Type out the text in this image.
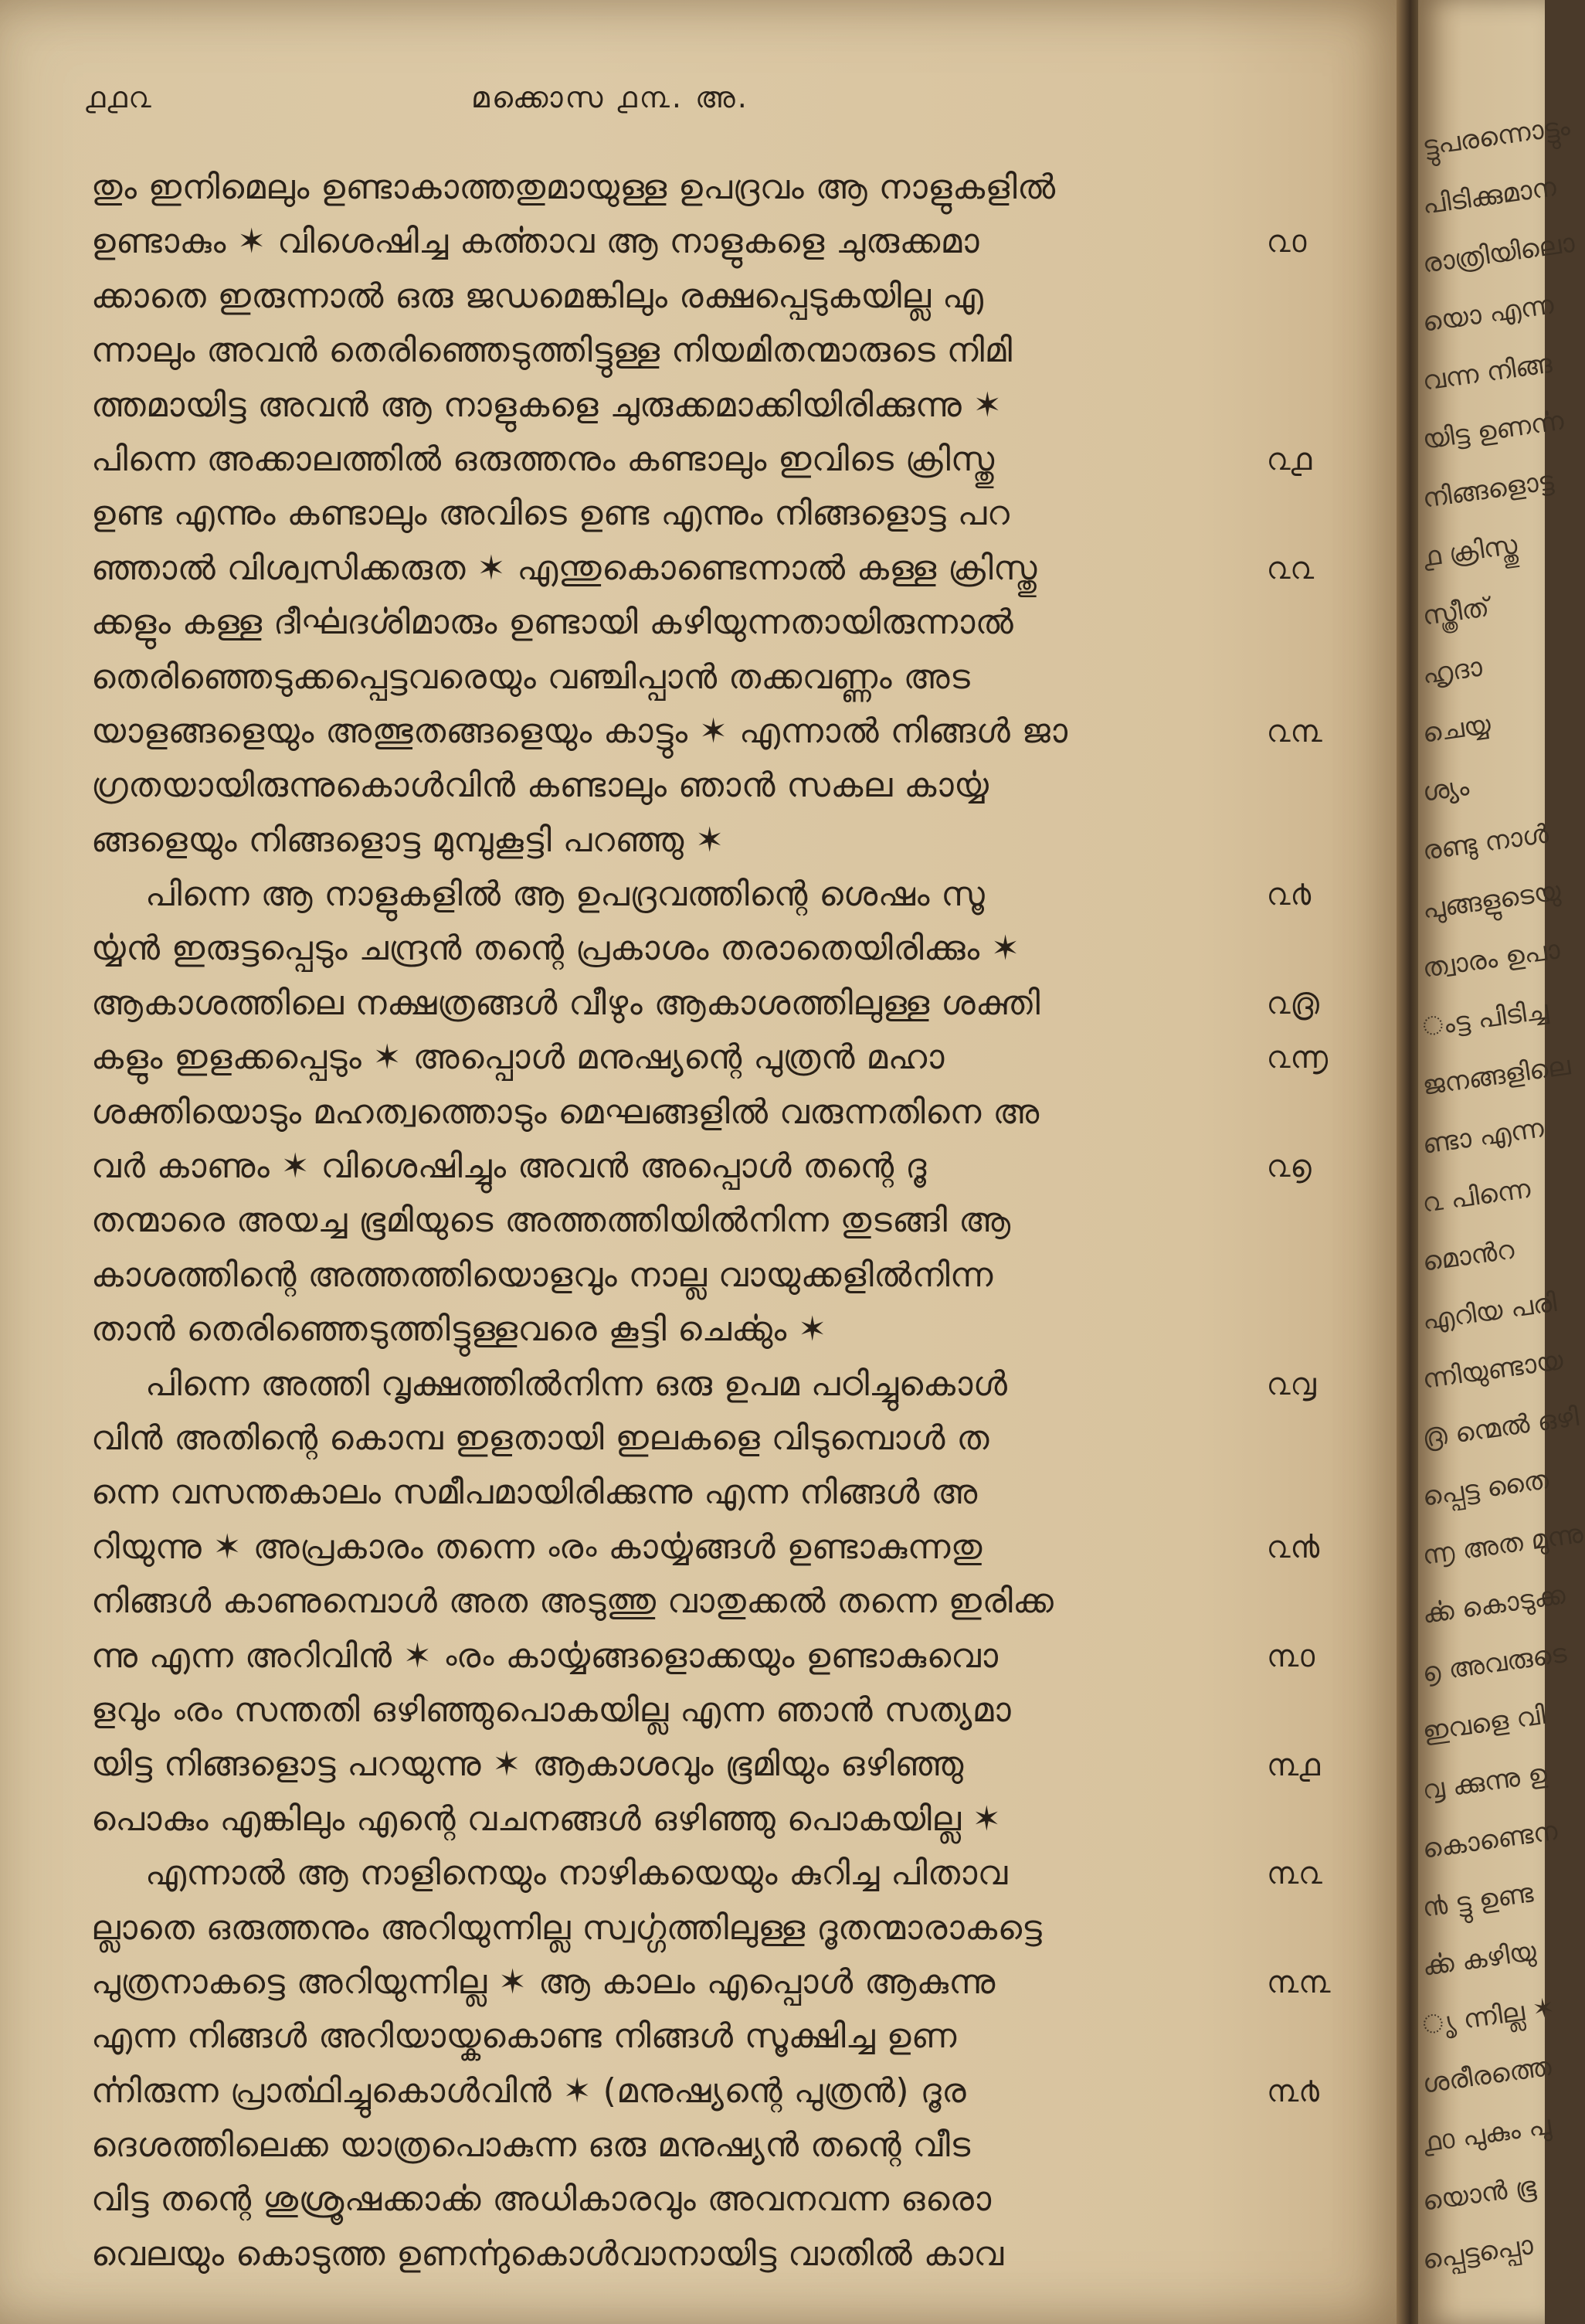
൧൧൨	മക്കൊസ ൧൩. അ.
തും ഇനിമെലും ഉണ്ടാകാത്തതുമായുള്ള ഉപദ്രവം ആ നാളുകളിൽ
ഉണ്ടാകും ✶ വിശെഷിച്ച കൎത്താവ ആ നാളുകളെ ചുരുക്കമാ
ക്കാതെ ഇരുന്നാൽ ഒരു ജഡമെങ്കിലും രക്ഷപ്പെടുകയില്ല എ
ന്നാലും അവൻ തെരിഞ്ഞെടുത്തിട്ടുള്ള നിയമിതന്മാരുടെ നിമി
ത്തമായിട്ട അവൻ ആ നാളുകളെ ചുരുക്കമാക്കിയിരിക്കുന്നു ✶
പിന്നെ അക്കാലത്തിൽ ഒരുത്തനും കണ്ടാലും ഇവിടെ ക്രിസ്തു
ഉണ്ട എന്നും കണ്ടാലും അവിടെ ഉണ്ട എന്നും നിങ്ങളൊട്ട പറ
ഞ്ഞാൽ വിശ്വസിക്കരുത ✶ എന്തുകൊണ്ടെന്നാൽ കള്ള ക്രിസ്തു
ക്കളും കള്ള ദീൎഘദൎശിമാരും ഉണ്ടായി കഴിയുന്നതായിരുന്നാൽ
തെരിഞ്ഞെടുക്കപ്പെട്ടവരെയും വഞ്ചിപ്പാൻ തക്കവണ്ണം അട
യാളങ്ങളെയും അത്ഭുതങ്ങളെയും കാട്ടും ✶ എന്നാൽ നിങ്ങൾ ജാ
ഗ്രതയായിരുന്നുകൊൾവിൻ കണ്ടാലും ഞാൻ സകല കാൎയ്യ
ങ്ങളെയും നിങ്ങളൊട്ട മുമ്പുകൂട്ടി പറഞ്ഞു ✶
പിന്നെ ആ നാളുകളിൽ ആ ഉപദ്രവത്തിന്റെ ശെഷം സൂ
ൎയ്യൻ ഇരുട്ടപ്പെടും ചന്ദ്രൻ തന്റെ പ്രകാശം തരാതെയിരിക്കും ✶
ആകാശത്തിലെ നക്ഷത്രങ്ങൾ വീഴും ആകാശത്തിലുള്ള ശക്തി
കളും ഇളക്കപ്പെടും ✶ അപ്പൊൾ മനുഷ്യന്റെ പുത്രൻ മഹാ
ശക്തിയൊടും മഹത്വത്തൊടും മെഘങ്ങളിൽ വരുന്നതിനെ അ
വർ കാണും ✶ വിശെഷിച്ചും അവൻ അപ്പൊൾ തന്റെ ദൂ
തന്മാരെ അയച്ച ഭൂമിയുടെ അത്തത്തിയിൽനിന്ന തുടങ്ങി ആ
കാശത്തിന്റെ അത്തത്തിയൊളവും നാല്ല വായുക്കളിൽനിന്ന
താൻ തെരിഞ്ഞെടുത്തിട്ടുള്ളവരെ കൂട്ടി ചെൎക്കും ✶
പിന്നെ അത്തി വൃക്ഷത്തിൽനിന്ന ഒരു ഉപമ പഠിച്ചുകൊൾ
വിൻ അതിന്റെ കൊമ്പ ഇളതായി ഇലകളെ വിടുമ്പൊൾ ത
ന്നെ വസന്തകാലം സമീപമായിരിക്കുന്നു എന്ന നിങ്ങൾ അ
റിയുന്നു ✶ അപ്രകാരം തന്നെ ൟ കാൎയ്യങ്ങൾ ഉണ്ടാകുന്നതു
നിങ്ങൾ കാണുമ്പൊൾ അത അടുത്തു വാതുക്കൽ തന്നെ ഇരിക്ക
ന്നു എന്ന അറിവിൻ ✶ ൟ കാൎയ്യങ്ങളൊക്കയും ഉണ്ടാകുവൊ
ളവും ൟ സന്തതി ഒഴിഞ്ഞുപൊകയില്ല എന്ന ഞാൻ സത്യമാ
യിട്ട നിങ്ങളൊട്ട പറയുന്നു ✶ ആകാശവും ഭൂമിയും ഒഴിഞ്ഞു
പൊകും എങ്കിലും എന്റെ വചനങ്ങൾ ഒഴിഞ്ഞു പൊകയില്ല ✶
എന്നാൽ ആ നാളിനെയും നാഴികയെയും കുറിച്ച പിതാവ
ല്ലാതെ ഒരുത്തനും അറിയുന്നില്ല സ്വൎഗ്ഗത്തിലുള്ള ദൂതന്മാരാകട്ടെ
പുത്രനാകട്ടെ അറിയുന്നില്ല ✶ ആ കാലം എപ്പൊൾ ആകുന്നു
എന്ന നിങ്ങൾ അറിയായ്കകൊണ്ട നിങ്ങൾ സൂക്ഷിച്ച ഉണ
ൎന്നിരുന്ന പ്രാൎത്ഥിച്ചുകൊൾവിൻ ✶ (മനുഷ്യന്റെ പുത്രൻ) ദൂര
ദെശത്തിലെക്ക യാത്രപൊകുന്ന ഒരു മനുഷ്യൻ തന്റെ വീട
വിട്ട തന്റെ ശുശ്രൂഷക്കാൎക്ക അധികാരവും അവനവന്ന ഒരൊ
വെലയും കൊടുത്ത ഉണൎന്നുകൊൾവാനായിട്ട വാതിൽ കാവ
൨൦
൨൧
൨൨
൨൩
൨൪
൨൫
൨൬
൨൭
൨൮
൨൯
൩൦
൩൧
൩൨
൩൩
൩൪
ട്ടുപരന്നൊട്ടും
പിടിക്കുമാന
രാത്രിയിലൊ
യൊ എന്ന
വന്ന നിങ്ങ
യിട്ട ഉണൎന്ന
നിങ്ങളൊട്ട
൧ ക്രിസ്തു
സ്ത്രീത്
ഹൃദാ
ചെയ്യ
ശ്യം
രണ്ടു നാൾ
പുങ്ങളുടെയു
ത്വാരം ഉപാ
ംട്ട പിടിച്ച
ജനങ്ങളിലെ
ണ്ടാ എന്ന
൨ പിന്നെ
മൊൻറ
എറിയ പരി
ന്നിയുണ്ടായ
൫ ന്മെൽ ഒഴി
പ്പെട്ട തൈ
൬ അത മുന്നു
ൎക്ക കൊടുക്ക
൭ അവരുടെ
ഇവളെ വി
൮ ക്കുന്നു ഉ
കൊണ്ടെന
൯ ട്ടു ഉണ്ട
ൎക്ക കഴിയു
ൃ ന്നില്ല ✶
ശരീരത്തെ
൧൦ പുകും പു
യൊൻ ഭൂ
പ്പെട്ടപ്പൊ
